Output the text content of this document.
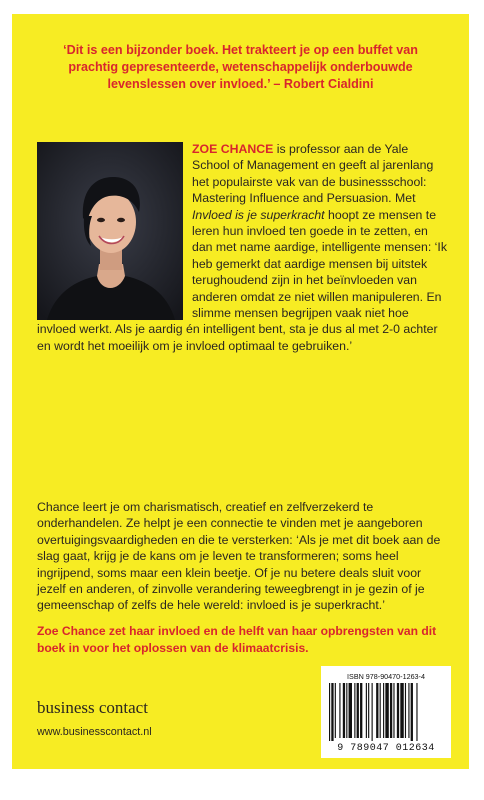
‘Dit is een bijzonder boek. Het trakteert je op een buffet van
prachtig gepresenteerde, wetenschappelijk onderbouwde
levenslessen over invloed.’ – Robert Cialdini
ZOE CHANCE is professor aan de Yale School of Management en geeft al jarenlang het populairste vak van de businessschool: Mastering Influence and Persuasion. Met Invloed is je superkracht hoopt ze mensen te leren hun invloed ten goede in te zetten, en dan met name aardige, intelligente mensen: ‘Ik heb gemerkt dat aardige mensen bij uitstek terughoudend zijn in het beïnvloeden van anderen omdat ze niet willen manipuleren. En slimme mensen begrijpen vaak niet hoe invloed werkt. Als je aardig én intelligent bent, sta je dus al met 2-0 achter en wordt het moeilijk om je invloed optimaal te gebruiken.’
Chance leert je om charismatisch, creatief en zelfverzekerd te onderhandelen. Ze helpt je een connectie te vinden met je aangeboren overtuigingsvaardigheden en die te versterken: ‘Als je met dit boek aan de slag gaat, krijg je de kans om je leven te transformeren; soms heel ingrijpend, soms maar een klein beetje. Of je nu betere deals sluit voor jezelf en anderen, of zinvolle verandering teweegbrengt in je gezin of je gemeenschap of zelfs de hele wereld: invloed is je superkracht.’
Zoe Chance zet haar invloed en de helft van haar opbrengsten van dit boek in voor het oplossen van de klimaatcrisis.
business contact
www.businesscontact.nl
ISBN 978-90470-1263-4
9 789047 012634
